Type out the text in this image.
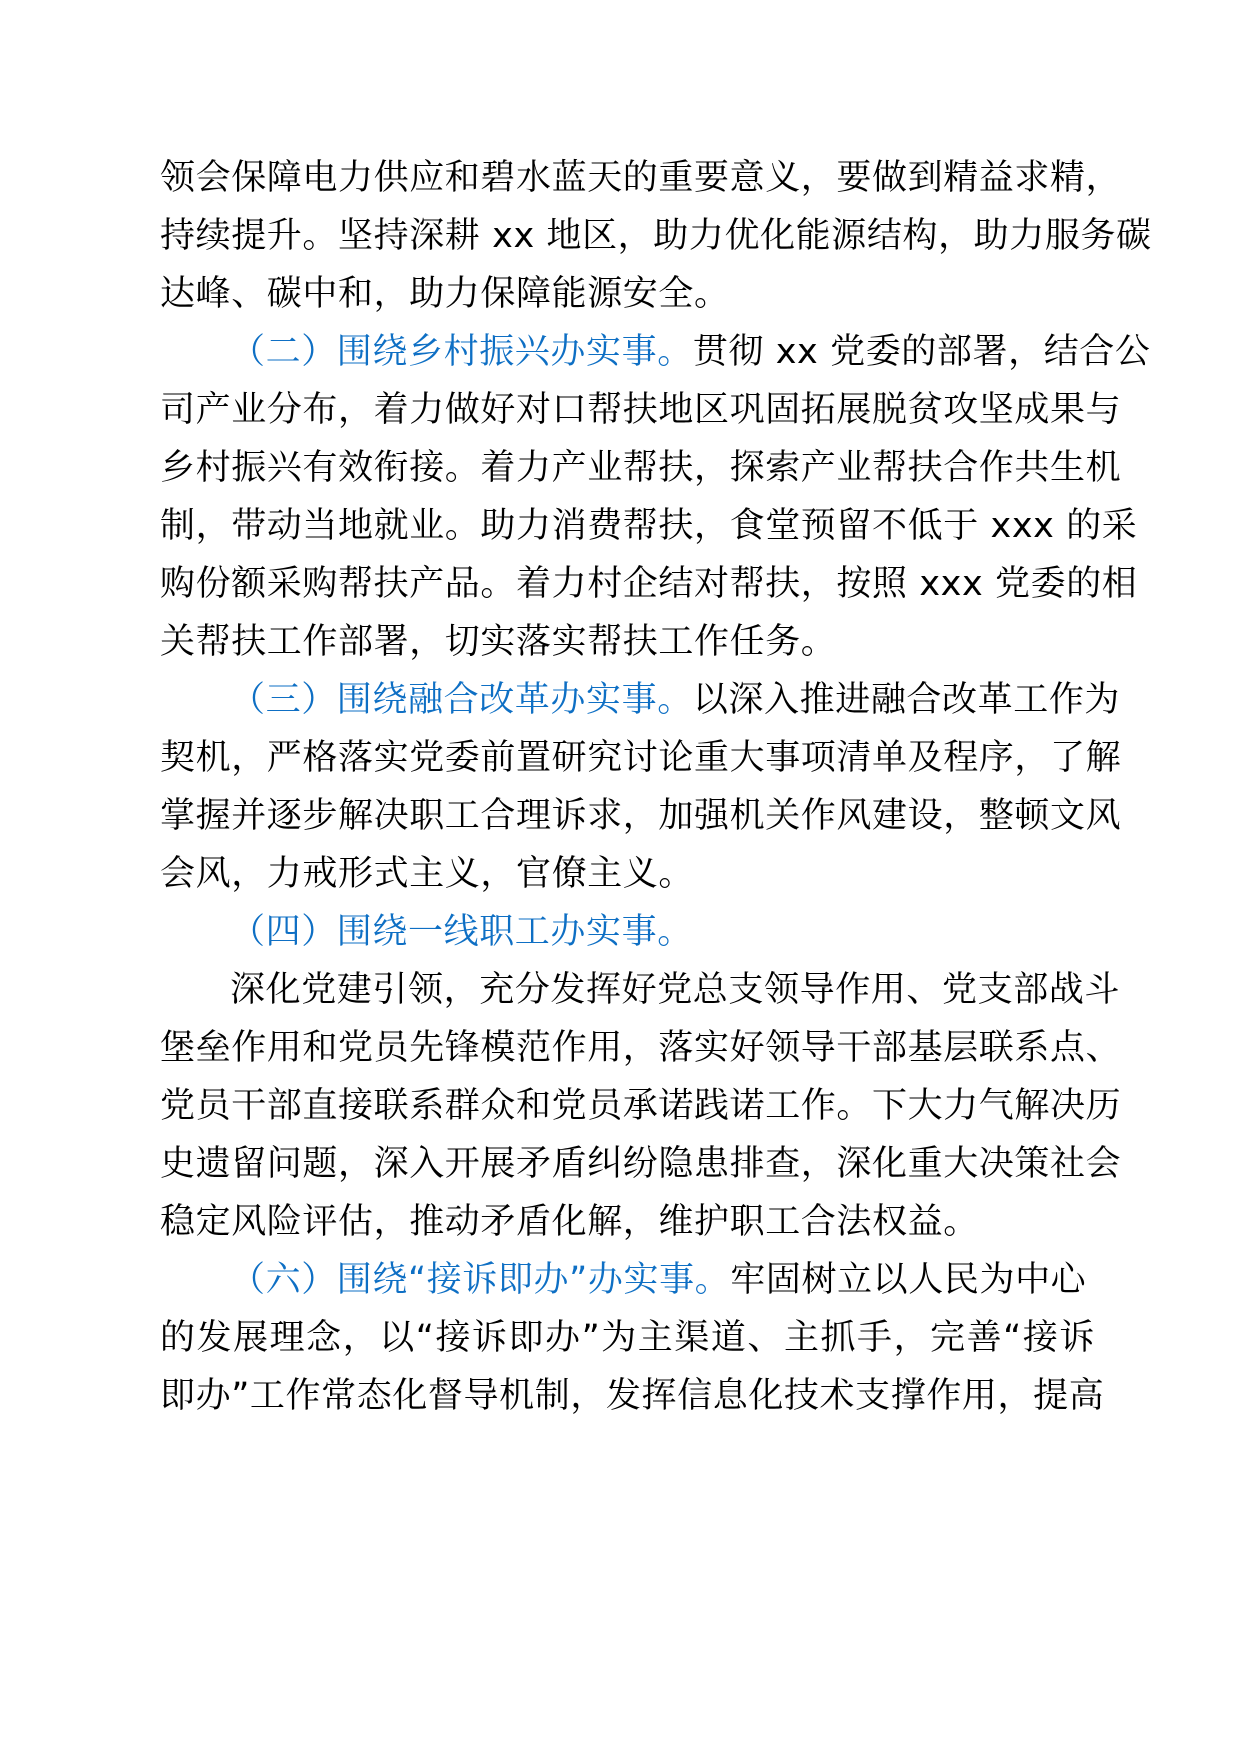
领会保障电力供应和碧水蓝天的重要意义，要做到精益求精，
持续提升。坚持深耕 xx 地区，助力优化能源结构，助力服务碳
达峰、碳中和，助力保障能源安全。
（二）围绕乡村振兴办实事。贯彻 xx 党委的部署，结合公
司产业分布，着力做好对口帮扶地区巩固拓展脱贫攻坚成果与
乡村振兴有效衔接。着力产业帮扶，探索产业帮扶合作共生机
制，带动当地就业。助力消费帮扶，食堂预留不低于 xxx 的采
购份额采购帮扶产品。着力村企结对帮扶，按照 xxx 党委的相
关帮扶工作部署，切实落实帮扶工作任务。
（三）围绕融合改革办实事。以深入推进融合改革工作为
契机，严格落实党委前置研究讨论重大事项清单及程序，了解
掌握并逐步解决职工合理诉求，加强机关作风建设，整顿文风
会风，力戒形式主义，官僚主义。
（四）围绕一线职工办实事。
深化党建引领，充分发挥好党总支领导作用、党支部战斗
堡垒作用和党员先锋模范作用，落实好领导干部基层联系点、
党员干部直接联系群众和党员承诺践诺工作。下大力气解决历
史遗留问题，深入开展矛盾纠纷隐患排查，深化重大决策社会
稳定风险评估，推动矛盾化解，维护职工合法权益。
（六）围绕“接诉即办”办实事。牢固树立以人民为中心
的发展理念，以“接诉即办”为主渠道、主抓手，完善“接诉
即办”工作常态化督导机制，发挥信息化技术支撑作用，提高
